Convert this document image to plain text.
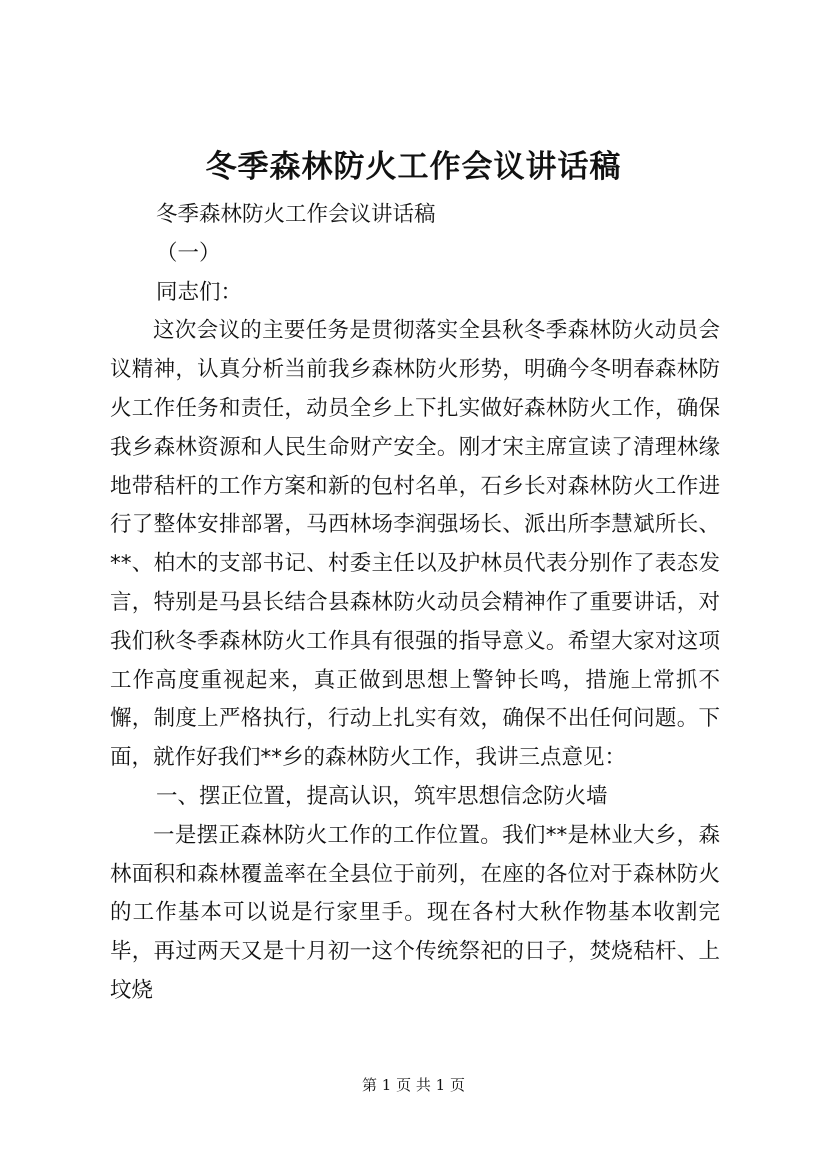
冬季森林防火工作会议讲话稿

冬季森林防火工作会议讲话稿

（一）

同志们：

这次会议的主要任务是贯彻落实全县秋冬季森林防火动员会议精神，认真分析当前我乡森林防火形势，明确今冬明春森林防火工作任务和责任，动员全乡上下扎实做好森林防火工作，确保我乡森林资源和人民生命财产安全。刚才宋主席宣读了清理林缘地带秸杆的工作方案和新的包村名单，石乡长对森林防火工作进行了整体安排部署，马西林场李润强场长、派出所李慧斌所长、**、柏木的支部书记、村委主任以及护林员代表分别作了表态发言，特别是马县长结合县森林防火动员会精神作了重要讲话，对我们秋冬季森林防火工作具有很强的指导意义。希望大家对这项工作高度重视起来，真正做到思想上警钟长鸣，措施上常抓不懈，制度上严格执行，行动上扎实有效，确保不出任何问题。下面，就作好我们**乡的森林防火工作，我讲三点意见：

一、摆正位置，提高认识，筑牢思想信念防火墙

一是摆正森林防火工作的工作位置。我们**是林业大乡，森林面积和森林覆盖率在全县位于前列，在座的各位对于森林防火的工作基本可以说是行家里手。现在各村大秋作物基本收割完毕，再过两天又是十月初一这个传统祭祀的日子，焚烧秸杆、上坟烧

第 1 页 共 1 页
